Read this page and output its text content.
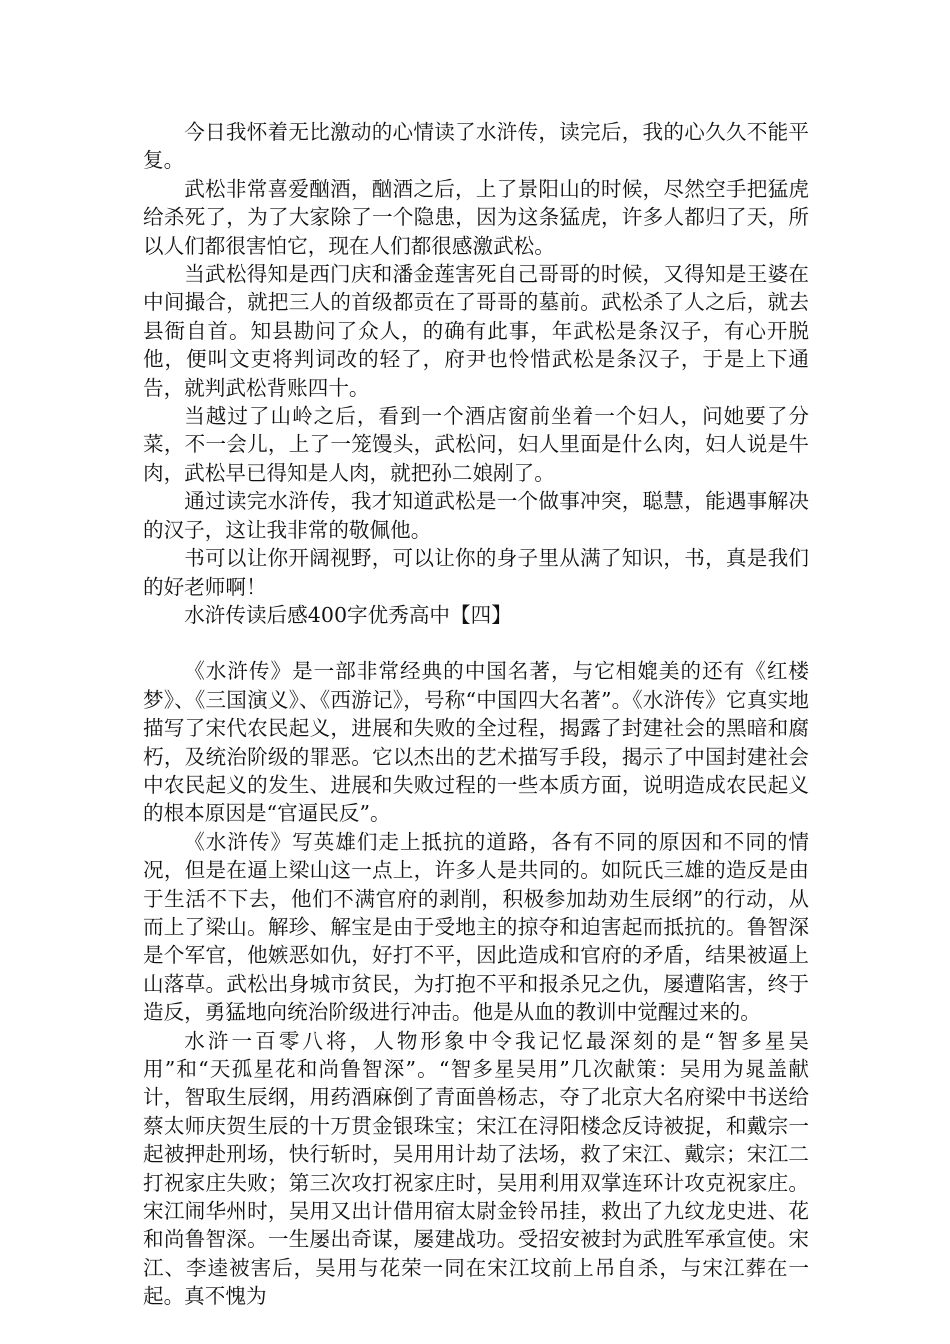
今日我怀着无比激动的心情读了水浒传，读完后，我的心久久不能平复。

武松非常喜爱酗酒，酗酒之后，上了景阳山的时候，尽然空手把猛虎给杀死了，为了大家除了一个隐患，因为这条猛虎，许多人都归了天，所以人们都很害怕它，现在人们都很感激武松。

当武松得知是西门庆和潘金莲害死自己哥哥的时候，又得知是王婆在中间撮合，就把三人的首级都贡在了哥哥的墓前。武松杀了人之后，就去县衙自首。知县勘问了众人，的确有此事，年武松是条汉子，有心开脱他，便叫文吏将判词改的轻了，府尹也怜惜武松是条汉子，于是上下通告，就判武松背账四十。

当越过了山岭之后，看到一个酒店窗前坐着一个妇人，问她要了分菜，不一会儿，上了一笼馒头，武松问，妇人里面是什么肉，妇人说是牛肉，武松早已得知是人肉，就把孙二娘剐了。

通过读完水浒传，我才知道武松是一个做事冲突，聪慧，能遇事解决的汉子，这让我非常的敬佩他。

书可以让你开阔视野，可以让你的身子里从满了知识，书，真是我们的好老师啊！

水浒传读后感400字优秀高中【四】

《水浒传》是一部非常经典的中国名著，与它相媲美的还有《红楼梦》、《三国演义》、《西游记》，号称“中国四大名著”。《水浒传》它真实地描写了宋代农民起义，进展和失败的全过程，揭露了封建社会的黑暗和腐朽，及统治阶级的罪恶。它以杰出的艺术描写手段，揭示了中国封建社会中农民起义的发生、进展和失败过程的一些本质方面，说明造成农民起义的根本原因是“官逼民反”。

《水浒传》写英雄们走上抵抗的道路，各有不同的原因和不同的情况，但是在逼上梁山这一点上，许多人是共同的。如阮氏三雄的造反是由于生活不下去，他们不满官府的剥削，积极参加劫劝生辰纲”的行动，从而上了梁山。解珍、解宝是由于受地主的掠夺和迫害起而抵抗的。鲁智深是个军官，他嫉恶如仇，好打不平，因此造成和官府的矛盾，结果被逼上山落草。武松出身城市贫民，为打抱不平和报杀兄之仇，屡遭陷害，终于造反，勇猛地向统治阶级进行冲击。他是从血的教训中觉醒过来的。

水浒一百零八将，人物形象中令我记忆最深刻的是“智多星吴用”和“天孤星花和尚鲁智深”。“智多星吴用”几次献策：吴用为晁盖献计，智取生辰纲，用药酒麻倒了青面兽杨志，夺了北京大名府梁中书送给蔡太师庆贺生辰的十万贯金银珠宝；宋江在浔阳楼念反诗被捉，和戴宗一起被押赴刑场，快行斩时，吴用用计劫了法场，救了宋江、戴宗；宋江二打祝家庄失败；第三次攻打祝家庄时，吴用利用双掌连环计攻克祝家庄。宋江闹华州时，吴用又出计借用宿太尉金铃吊挂，救出了九纹龙史进、花和尚鲁智深。一生屡出奇谋，屡建战功。受招安被封为武胜军承宣使。宋江、李逵被害后，吴用与花荣一同在宋江坟前上吊自杀，与宋江葬在一起。真不愧为
